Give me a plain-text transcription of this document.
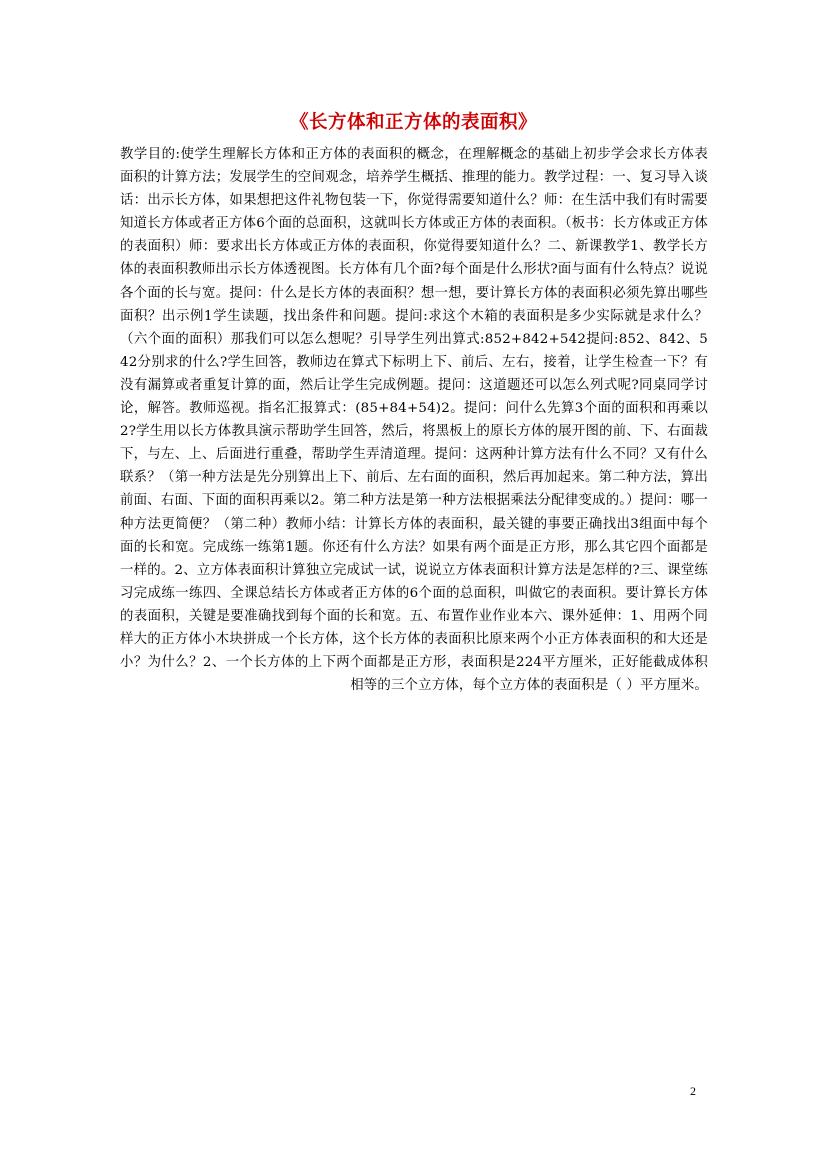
《长方体和正方体的表面积》
教学目的:使学生理解长方体和正方体的表面积的概念，在理解概念的基础上初步学会求长方体表面积的计算方法；发展学生的空间观念，培养学生概括、推理的能力。教学过程：一、复习导入谈话：出示长方体，如果想把这件礼物包装一下，你觉得需要知道什么？师：在生活中我们有时需要知道长方体或者正方体6个面的总面积，这就叫长方体或正方体的表面积。（板书：长方体或正方体的表面积）师：要求出长方体或正方体的表面积，你觉得要知道什么？二、新课教学1、教学长方体的表面积教师出示长方体透视图。长方体有几个面?每个面是什么形状?面与面有什么特点？说说各个面的长与宽。提问：什么是长方体的表面积？想一想，要计算长方体的表面积必须先算出哪些面积？出示例1学生读题，找出条件和问题。提问:求这个木箱的表面积是多少实际就是求什么？（六个面的面积）那我们可以怎么想呢？引导学生列出算式:852+842+542提问:852、842、542分别求的什么?学生回答，教师边在算式下标明上下、前后、左右，接着，让学生检查一下？有没有漏算或者重复计算的面，然后让学生完成例题。提问：这道题还可以怎么列式呢?同桌同学讨论，解答。教师巡视。指名汇报算式：(85+84+54)2。提问：问什么先算3个面的面积和再乘以2?学生用以长方体教具演示帮助学生回答，然后，将黑板上的原长方体的展开图的前、下、右面裁下，与左、上、后面进行重叠，帮助学生弄清道理。提问：这两种计算方法有什么不同？又有什么联系？（第一种方法是先分别算出上下、前后、左右面的面积，然后再加起来。第二种方法，算出前面、右面、下面的面积再乘以2。第二种方法是第一种方法根据乘法分配律变成的。）提问：哪一种方法更简便？（第二种）教师小结：计算长方体的表面积，最关键的事要正确找出3组面中每个面的长和宽。完成练一练第1题。你还有什么方法？如果有两个面是正方形，那么其它四个面都是一样的。2、立方体表面积计算独立完成试一试，说说立方体表面积计算方法是怎样的?三、课堂练习完成练一练四、全课总结长方体或者正方体的6个面的总面积，叫做它的表面积。要计算长方体的表面积，关键是要准确找到每个面的长和宽。五、布置作业作业本六、课外延伸：1、用两个同样大的正方体小木块拼成一个长方体，这个长方体的表面积比原来两个小正方体表面积的和大还是小？为什么？2、一个长方体的上下两个面都是正方形，表面积是224平方厘米，正好能截成体积相等的三个立方体，每个立方体的表面积是（ ）平方厘米。
2
